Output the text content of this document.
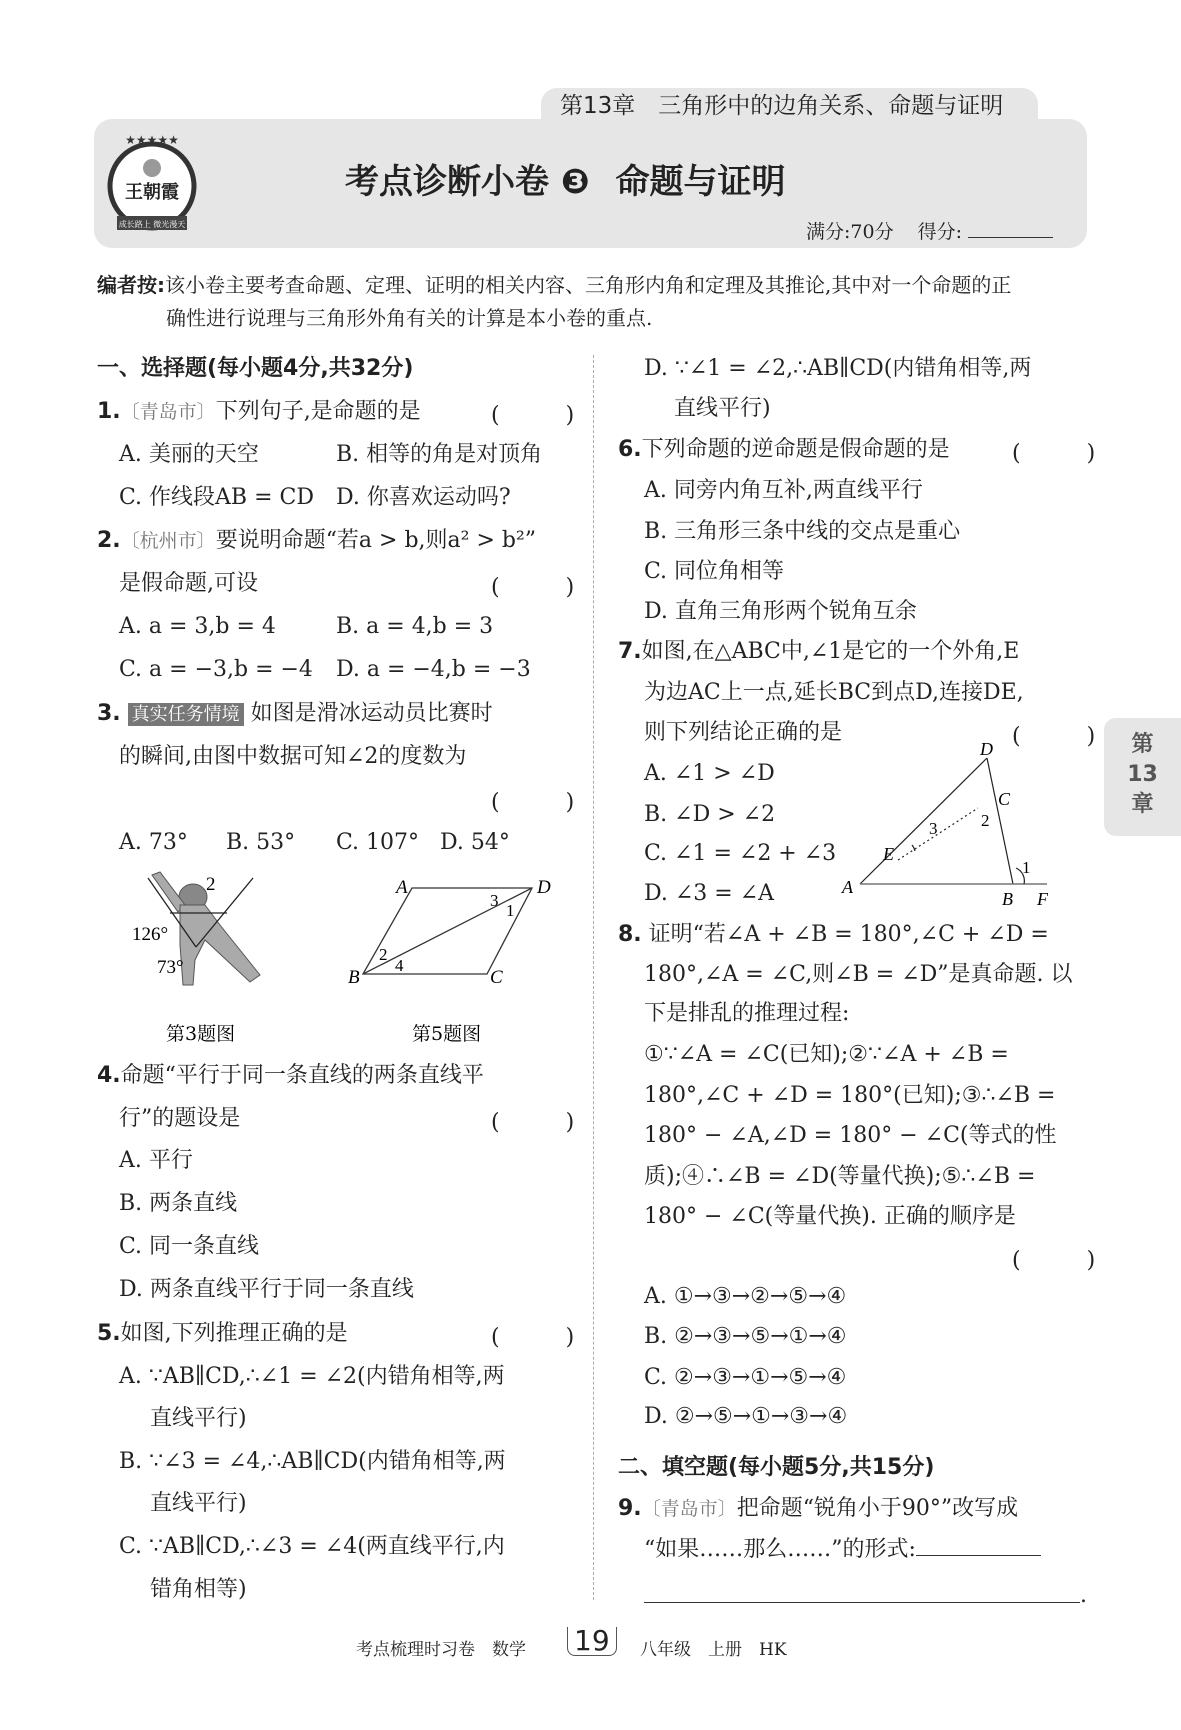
第13章　三角形中的边角关系、命题与证明
王朝霞
成长路上 微光漫天
★★★★★
考点诊断小卷 ❸ 命题与证明
满分:70分 得分:
编者按:该小卷主要考查命题、定理、证明的相关内容、三角形内角和定理及其推论,其中对一个命题的正
确性进行说理与三角形外角有关的计算是本小卷的重点.
一、选择题(每小题4分,共32分)
1.〔青岛市〕下列句子,是命题的是	(　　　)
A. 美丽的天空	B. 相等的角是对顶角
C. 作线段AB = CD D. 你喜欢运动吗?
2.〔杭州市〕要说明命题“若a > b,则a² > b²”
是假命题,可设	(　　　)
A. a = 3,b = 4	B. a = 4,b = 3
C. a = −3,b = −4 D. a = −4,b = −3
3. 真实任务情境 如图是滑冰运动员比赛时
的瞬间,由图中数据可知∠2的度数为
(　　　)
A. 73° B. 53° C. 107° D. 54°
2
126°
73°
第3题图
A	D
B	C
1
2
3
4
第5题图
4.命题“平行于同一条直线的两条直线平
行”的题设是	(　　　)
A. 平行
B. 两条直线
C. 同一条直线
D. 两条直线平行于同一条直线
5.如图,下列推理正确的是	(　　　)
A. ∵AB∥CD,∴∠1 = ∠2(内错角相等,两
直线平行)
B. ∵∠3 = ∠4,∴AB∥CD(内错角相等,两
直线平行)
C. ∵AB∥CD,∴∠3 = ∠4(两直线平行,内
错角相等)
D. ∵∠1 = ∠2,∴AB∥CD(内错角相等,两
直线平行)
6.下列命题的逆命题是假命题的是	(　　　)
A. 同旁内角互补,两直线平行
B. 三角形三条中线的交点是重心
C. 同位角相等
D. 直角三角形两个锐角互余
7.如图,在△ABC中,∠1是它的一个外角,E
为边AC上一点,延长BC到点D,连接DE,
则下列结论正确的是	(　　　)
A. ∠1 > ∠D
B. ∠D > ∠2
C. ∠1 = ∠2 + ∠3
D. ∠3 = ∠A
D
C
E
A
B F
1
2
3
8. 证明“若∠A + ∠B = 180°,∠C + ∠D =
180°,∠A = ∠C,则∠B = ∠D”是真命题. 以
下是排乱的推理过程:
①∵∠A = ∠C(已知);②∵∠A + ∠B =
180°,∠C + ∠D = 180°(已知);③∴∠B =
180° − ∠A,∠D = 180° − ∠C(等式的性
质);④∴∠B = ∠D(等量代换);⑤∴∠B =
180° − ∠C(等量代换). 正确的顺序是
(　　　)
A. ①→③→②→⑤→④
B. ②→③→⑤→①→④
C. ②→③→①→⑤→④
D. ②→⑤→①→③→④
二、填空题(每小题5分,共15分)
9.〔青岛市〕把命题“锐角小于90°”改写成
“如果……那么……”的形式:
.
第
13
章
考点梳理时习卷　数学 19	八年级　上册　HK
